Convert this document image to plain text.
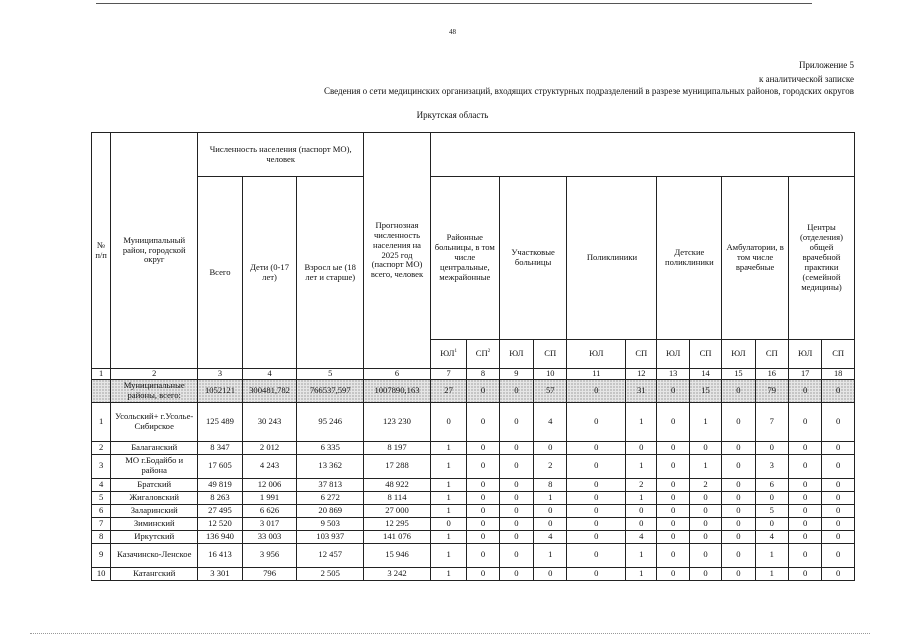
48
Приложение 5
к аналитической записке
Сведения о сети медицинских организаций, входящих структурных подразделений в разрезе муниципальных районов, городских округов
Иркутская область
№ п/п	Муниципальный район, городской округ	Численность населения (паспорт МО), человек			Прогнозная численность населения на 2025 год (паспорт МО) всего, человек												
		Всего	Дети (0-17 лет)	Взросл ые (18 лет и старше)		Районные больницы, в том числе центральные, межрайонные		Участковые больницы		Поликлиники		Детские поликлиники		Амбулатории, в том числе врачебные		Центры (отделения) общей врачебной практики (семейной медицины)	
						$ЮЛ^1$	$СП^2$	ЮЛ	СП	ЮЛ	СП	ЮЛ	СП	ЮЛ	СП	ЮЛ	СП
1	2	3	4	5	6	7	8	9	10	11	12	13	14	15	16	17	18
	Муниципальные районы, всего:	1052121	300481,782	766537,597	1007890,163	27	0	0	57	0	31	0	15	0	79	0	0
1	Усольский+ г.Усолье-Сибирское	125 489	30 243	95 246	123 230	0	0	0	4	0	1	0	1	0	7	0	0
2	Балаганский	8 347	2 012	6 335	8 197	1	0	0	0	0	0	0	0	0	0	0	0
3	МО г.Бодайбо и района	17 605	4 243	13 362	17 288	1	0	0	2	0	1	0	1	0	3	0	0
4	Братский	49 819	12 006	37 813	48 922	1	0	0	8	0	2	0	2	0	6	0	0
5	Жигаловский	8 263	1 991	6 272	8 114	1	0	0	1	0	1	0	0	0	0	0	0
6	Заларинский	27 495	6 626	20 869	27 000	1	0	0	0	0	0	0	0	0	5	0	0
7	Зиминский	12 520	3 017	9 503	12 295	0	0	0	0	0	0	0	0	0	0	0	0
8	Иркутский	136 940	33 003	103 937	141 076	1	0	0	4	0	4	0	0	0	4	0	0
9	Казачинско-Ленское	16 413	3 956	12 457	15 946	1	0	0	1	0	1	0	0	0	1	0	0
10	Катангский	3 301	796	2 505	3 242	1	0	0	0	0	1	0	0	0	1	0	0
